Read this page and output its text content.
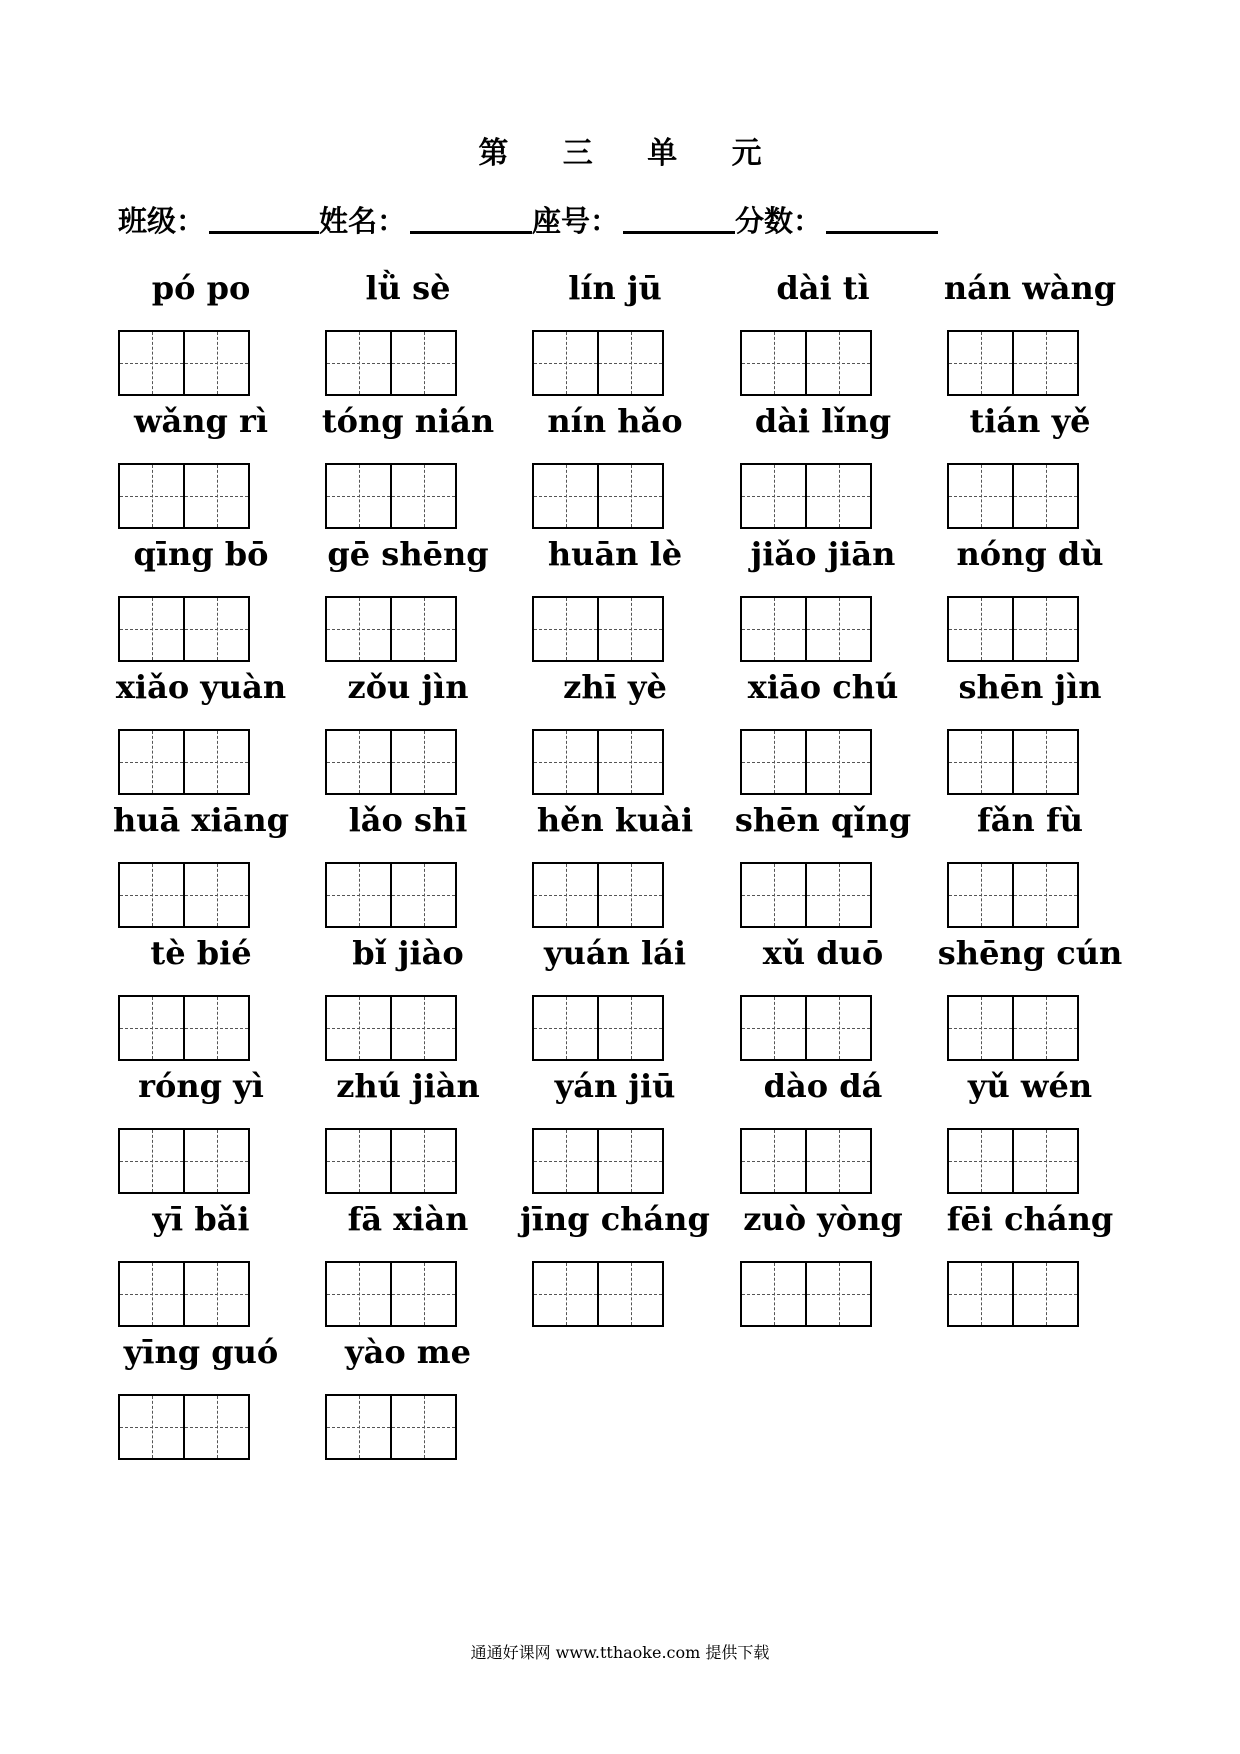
第 三 单 元
班级：	姓名：	座号：	分数：
pó po	lǜ sè	lín jū	dài tì	nán wàng
wǎng rì	tóng nián	nín hǎo	dài lǐng	tián yě
qīng bō	gē shēng	huān lè	jiǎo jiān	nóng dù
xiǎo yuàn	zǒu jìn	zhī yè	xiāo chú	shēn jìn
huā xiāng	lǎo shī	hěn kuài	shēn qǐng	fǎn fù
tè bié	bǐ jiào	yuán lái	xǔ duō	shēng cún
róng yì	zhú jiàn	yán jiū	dào dá	yǔ wén
yī bǎi	fā xiàn	jīng cháng	zuò yòng	fēi cháng
yīng guó	yào me
通通好课网 www.tthaoke.com 提供下载
